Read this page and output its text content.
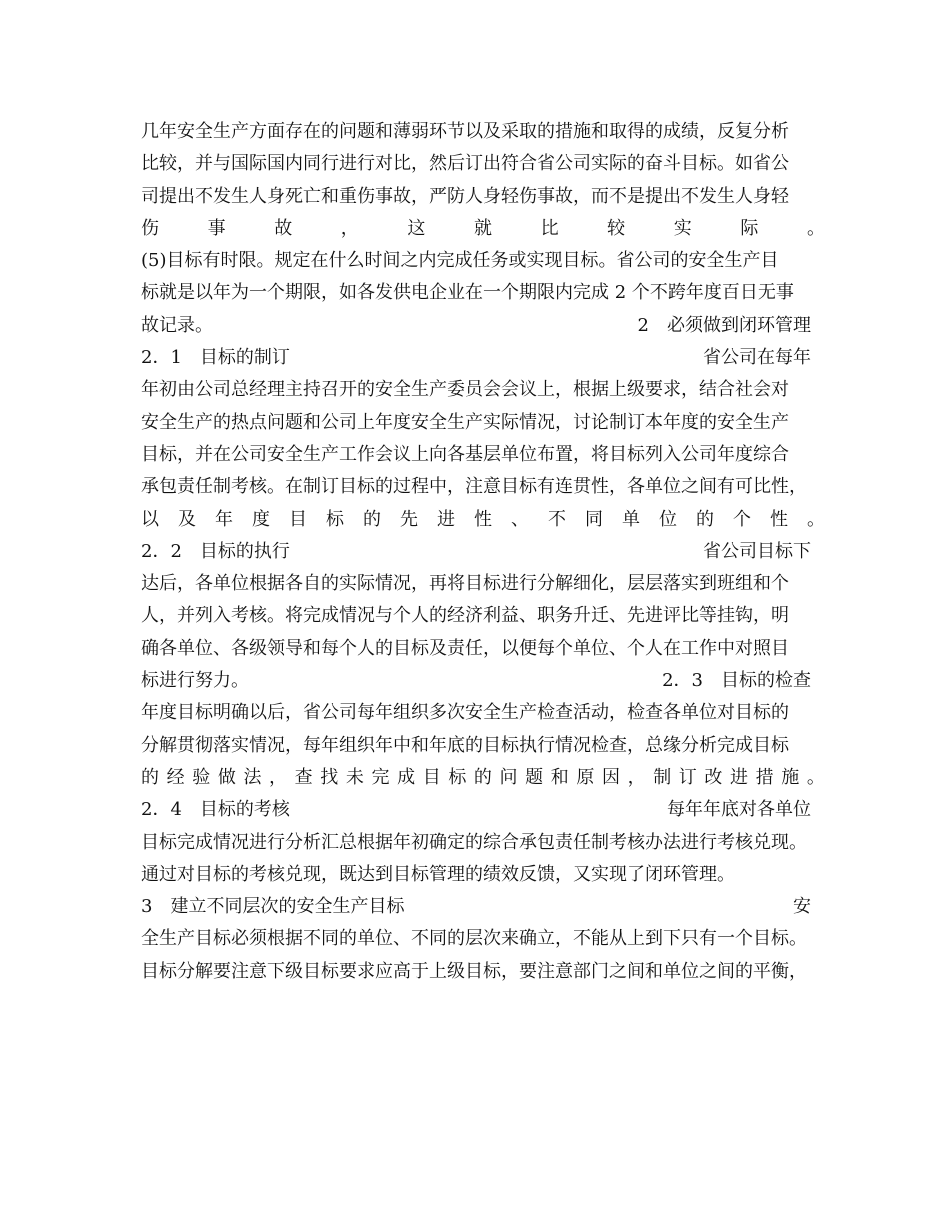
几年安全生产方面存在的问题和薄弱环节以及采取的措施和取得的成绩，反复分析
比较，并与国际国内同行进行对比，然后订出符合省公司实际的奋斗目标。如省公
司提出不发生人身死亡和重伤事故，严防人身轻伤事故，而不是提出不发生人身轻
伤	事	故	，	这	就	比	较	实	际	。
(5)目标有时限。规定在什么时间之内完成任务或实现目标。省公司的安全生产目
标就是以年为一个期限，如各发供电企业在一个期限内完成 2 个不跨年度百日无事
故记录。	2　必须做到闭环管理
2．1　目标的制订	省公司在每年
年初由公司总经理主持召开的安全生产委员会会议上，根据上级要求，结合社会对
安全生产的热点问题和公司上年度安全生产实际情况，讨论制订本年度的安全生产
目标，并在公司安全生产工作会议上向各基层单位布置，将目标列入公司年度综合
承包责任制考核。在制订目标的过程中，注意目标有连贯性，各单位之间有可比性，
以 及 年 度 目 标 的 先 进 性 、 不 同 单 位 的 个 性 。
2．2　目标的执行	省公司目标下
达后，各单位根据各自的实际情况，再将目标进行分解细化，层层落实到班组和个
人，并列入考核。将完成情况与个人的经济利益、职务升迁、先进评比等挂钩，明
确各单位、各级领导和每个人的目标及责任，以便每个单位、个人在工作中对照目
标进行努力。	2．3　目标的检查
年度目标明确以后，省公司每年组织多次安全生产检查活动，检查各单位对目标的
分解贯彻落实情况，每年组织年中和年底的目标执行情况检查，总缘分析完成目标
的 经 验 做 法 ， 查 找 未 完 成 目 标 的 问 题 和 原 因 ， 制 订 改 进 措 施 。
2．4　目标的考核	每年年底对各单位
目标完成情况进行分析汇总根据年初确定的综合承包责任制考核办法进行考核兑现。
通过对目标的考核兑现，既达到目标管理的绩效反馈，又实现了闭环管理。
3　建立不同层次的安全生产目标	安
全生产目标必须根据不同的单位、不同的层次来确立，不能从上到下只有一个目标。
目标分解要注意下级目标要求应高于上级目标，要注意部门之间和单位之间的平衡，
